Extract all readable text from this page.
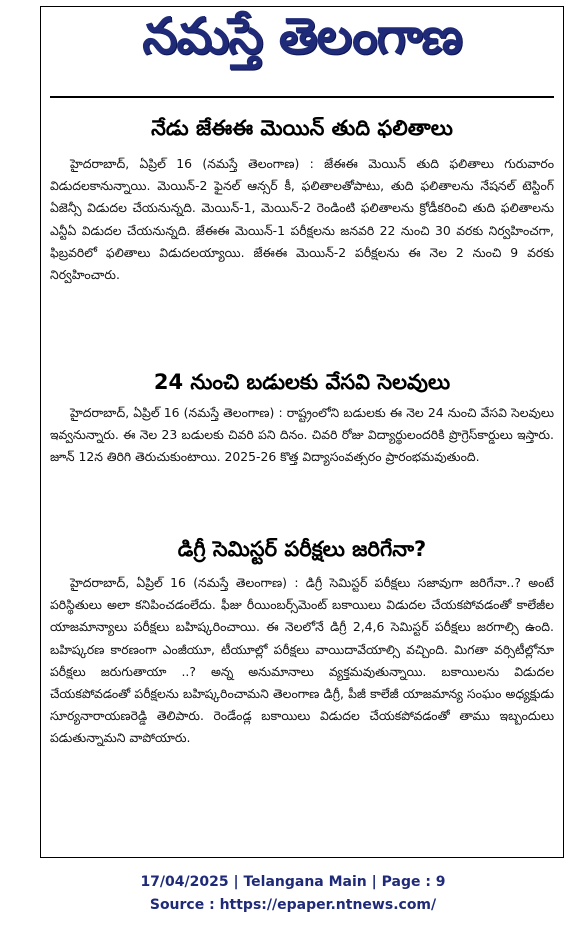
నమస్తే తెలంగాణ
నేడు జేఈఈ మెయిన్ తుది ఫలితాలు
హైదరాబాద్, ఏప్రిల్ 16 (నమస్తే తెలంగాణ) : జేఈఈ మెయిన్ తుది ఫలితాలు గురువారం విడుదలకానున్నాయి. మెయిన్-2 ఫైనల్ ఆన్సర్ కీ, ఫలితాలతోపాటు, తుది ఫలితాలను నేషనల్ టెస్టింగ్ ఏజెన్సీ విడుదల చేయనున్నది. మెయిన్-1, మెయిన్-2 రెండింటి ఫలితాలను క్రోడీకరించి తుది ఫలితాలను ఎన్టీఏ విడుదల చేయనున్నది. జేఈఈ మెయిన్-1 పరీక్షలను జనవరి 22 నుంచి 30 వరకు నిర్వహించగా, ఫిబ్రవరిలో ఫలితాలు విడుదలయ్యాయి. జేఈఈ మెయిన్-2 పరీక్షలను ఈ నెల 2 నుంచి 9 వరకు నిర్వహించారు.
24 నుంచి బడులకు వేసవి సెలవులు
హైదరాబాద్, ఏప్రిల్ 16 (నమస్తే తెలంగాణ) : రాష్ట్రంలోని బడులకు ఈ నెల 24 నుంచి వేసవి సెలవులు ఇవ్వనున్నారు. ఈ నెల 23 బడులకు చివరి పని దినం. చివరి రోజు విద్యార్థులందరికి ప్రొగ్రెస్‌కార్డులు ఇస్తారు. జూన్ 12న తిరిగి తెరుచుకుంటాయి. 2025-26 కొత్త విద్యాసంవత్సరం ప్రారంభమవుతుంది.
డిగ్రీ సెమిస్టర్ పరీక్షలు జరిగేనా?
హైదరాబాద్, ఏప్రిల్ 16 (నమస్తే తెలంగాణ) : డిగ్రీ సెమిస్టర్ పరీక్షలు సజావుగా జరిగేనా..? అంటే పరిస్థితులు అలా కనిపించడంలేదు. ఫీజు రీయింబర్స్‌మెంట్ బకాయిలు విడుదల చేయకపోవడంతో కాలేజీల యాజమాన్యాలు పరీక్షలు బహిష్కరించాయి. ఈ నెలలోనే డిగ్రీ 2,4,6 సెమిస్టర్ పరీక్షలు జరగాల్సి ఉంది. బహిష్కరణ కారణంగా ఎంజీయూ, టీయూల్లో పరీక్షలు వాయిదావేయాల్సి వచ్చింది. మిగతా వర్సిటీల్లోనూ పరీక్షలు జరుగుతాయా ..? అన్న అనుమానాలు వ్యక్తమవుతున్నాయి. బకాయిలను విడుదల చేయకపోవడంతో పరీక్షలను బహిష్కరించామని తెలంగాణ డిగ్రీ, పీజీ కాలేజీ యాజమాన్య సంఘం అధ్యక్షుడు సూర్యనారాయణరెడ్డి తెలిపారు. రెండేండ్ల బకాయిలు విడుదల చేయకపోవడంతో తాము ఇబ్బందులు పడుతున్నామని వాపోయారు.
17/04/2025 | Telangana Main | Page : 9
Source : https://epaper.ntnews.com/
